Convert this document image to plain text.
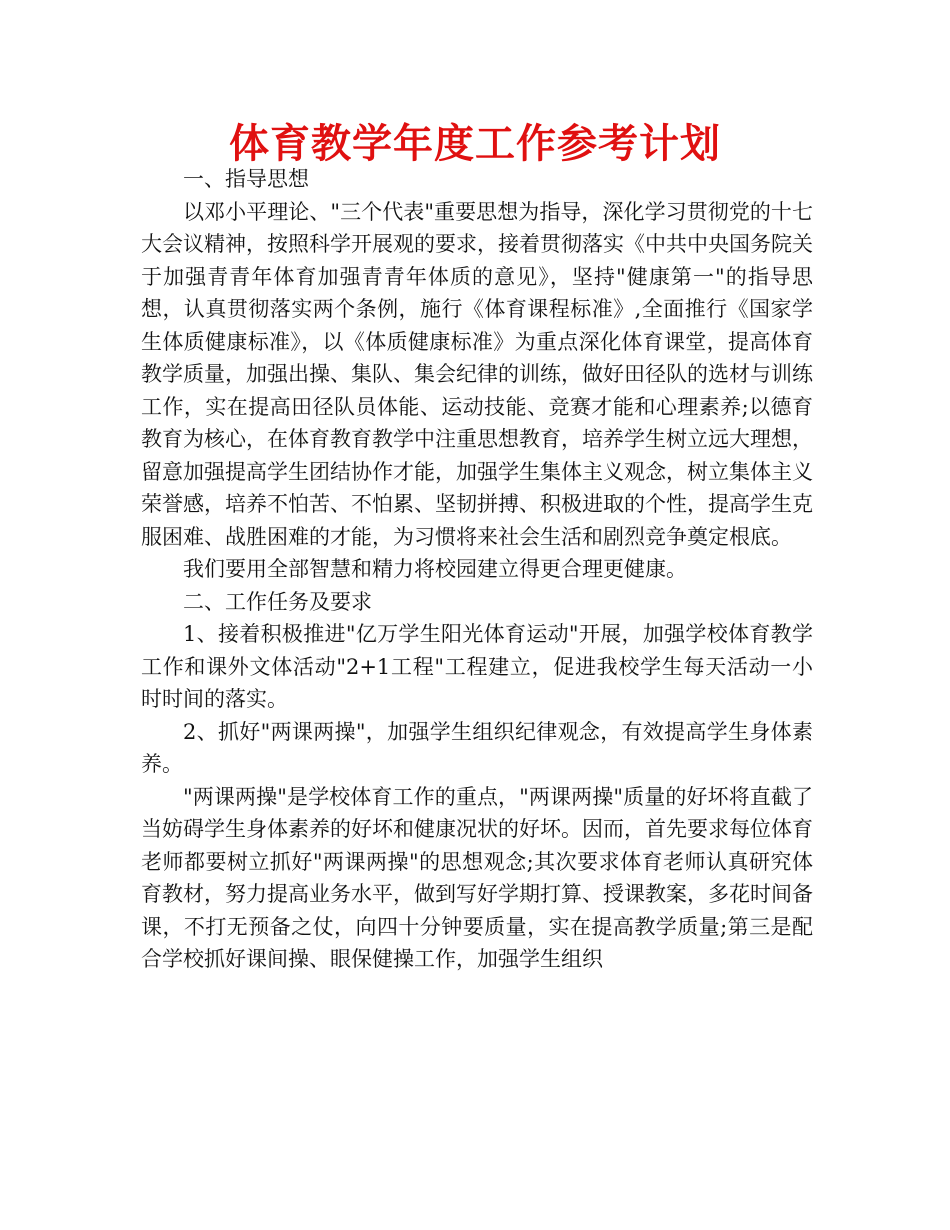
体育教学年度工作参考计划

一、指导思想

以邓小平理论、"三个代表"重要思想为指导，深化学习贯彻党的十七大会议精神，按照科学开展观的要求，接着贯彻落实《中共中央国务院关于加强青青年体育加强青青年体质的意见》，坚持"健康第一"的指导思想，认真贯彻落实两个条例，施行《体育课程标准》,全面推行《国家学生体质健康标准》，以《体质健康标准》为重点深化体育课堂，提高体育教学质量，加强出操、集队、集会纪律的训练，做好田径队的选材与训练工作，实在提高田径队员体能、运动技能、竞赛才能和心理素养;以德育教育为核心，在体育教育教学中注重思想教育，培养学生树立远大理想，留意加强提高学生团结协作才能，加强学生集体主义观念，树立集体主义荣誉感，培养不怕苦、不怕累、坚韧拼搏、积极进取的个性，提高学生克服困难、战胜困难的才能，为习惯将来社会生活和剧烈竞争奠定根底。

我们要用全部智慧和精力将校园建立得更合理更健康。

二、工作任务及要求

1、接着积极推进"亿万学生阳光体育运动"开展，加强学校体育教学工作和课外文体活动"2+1工程"工程建立，促进我校学生每天活动一小时时间的落实。

2、抓好"两课两操"，加强学生组织纪律观念，有效提高学生身体素养。

"两课两操"是学校体育工作的重点，"两课两操"质量的好坏将直截了当妨碍学生身体素养的好坏和健康况状的好坏。因而，首先要求每位体育老师都要树立抓好"两课两操"的思想观念;其次要求体育老师认真研究体育教材，努力提高业务水平，做到写好学期打算、授课教案，多花时间备课，不打无预备之仗，向四十分钟要质量，实在提高教学质量;第三是配合学校抓好课间操、眼保健操工作，加强学生组织
